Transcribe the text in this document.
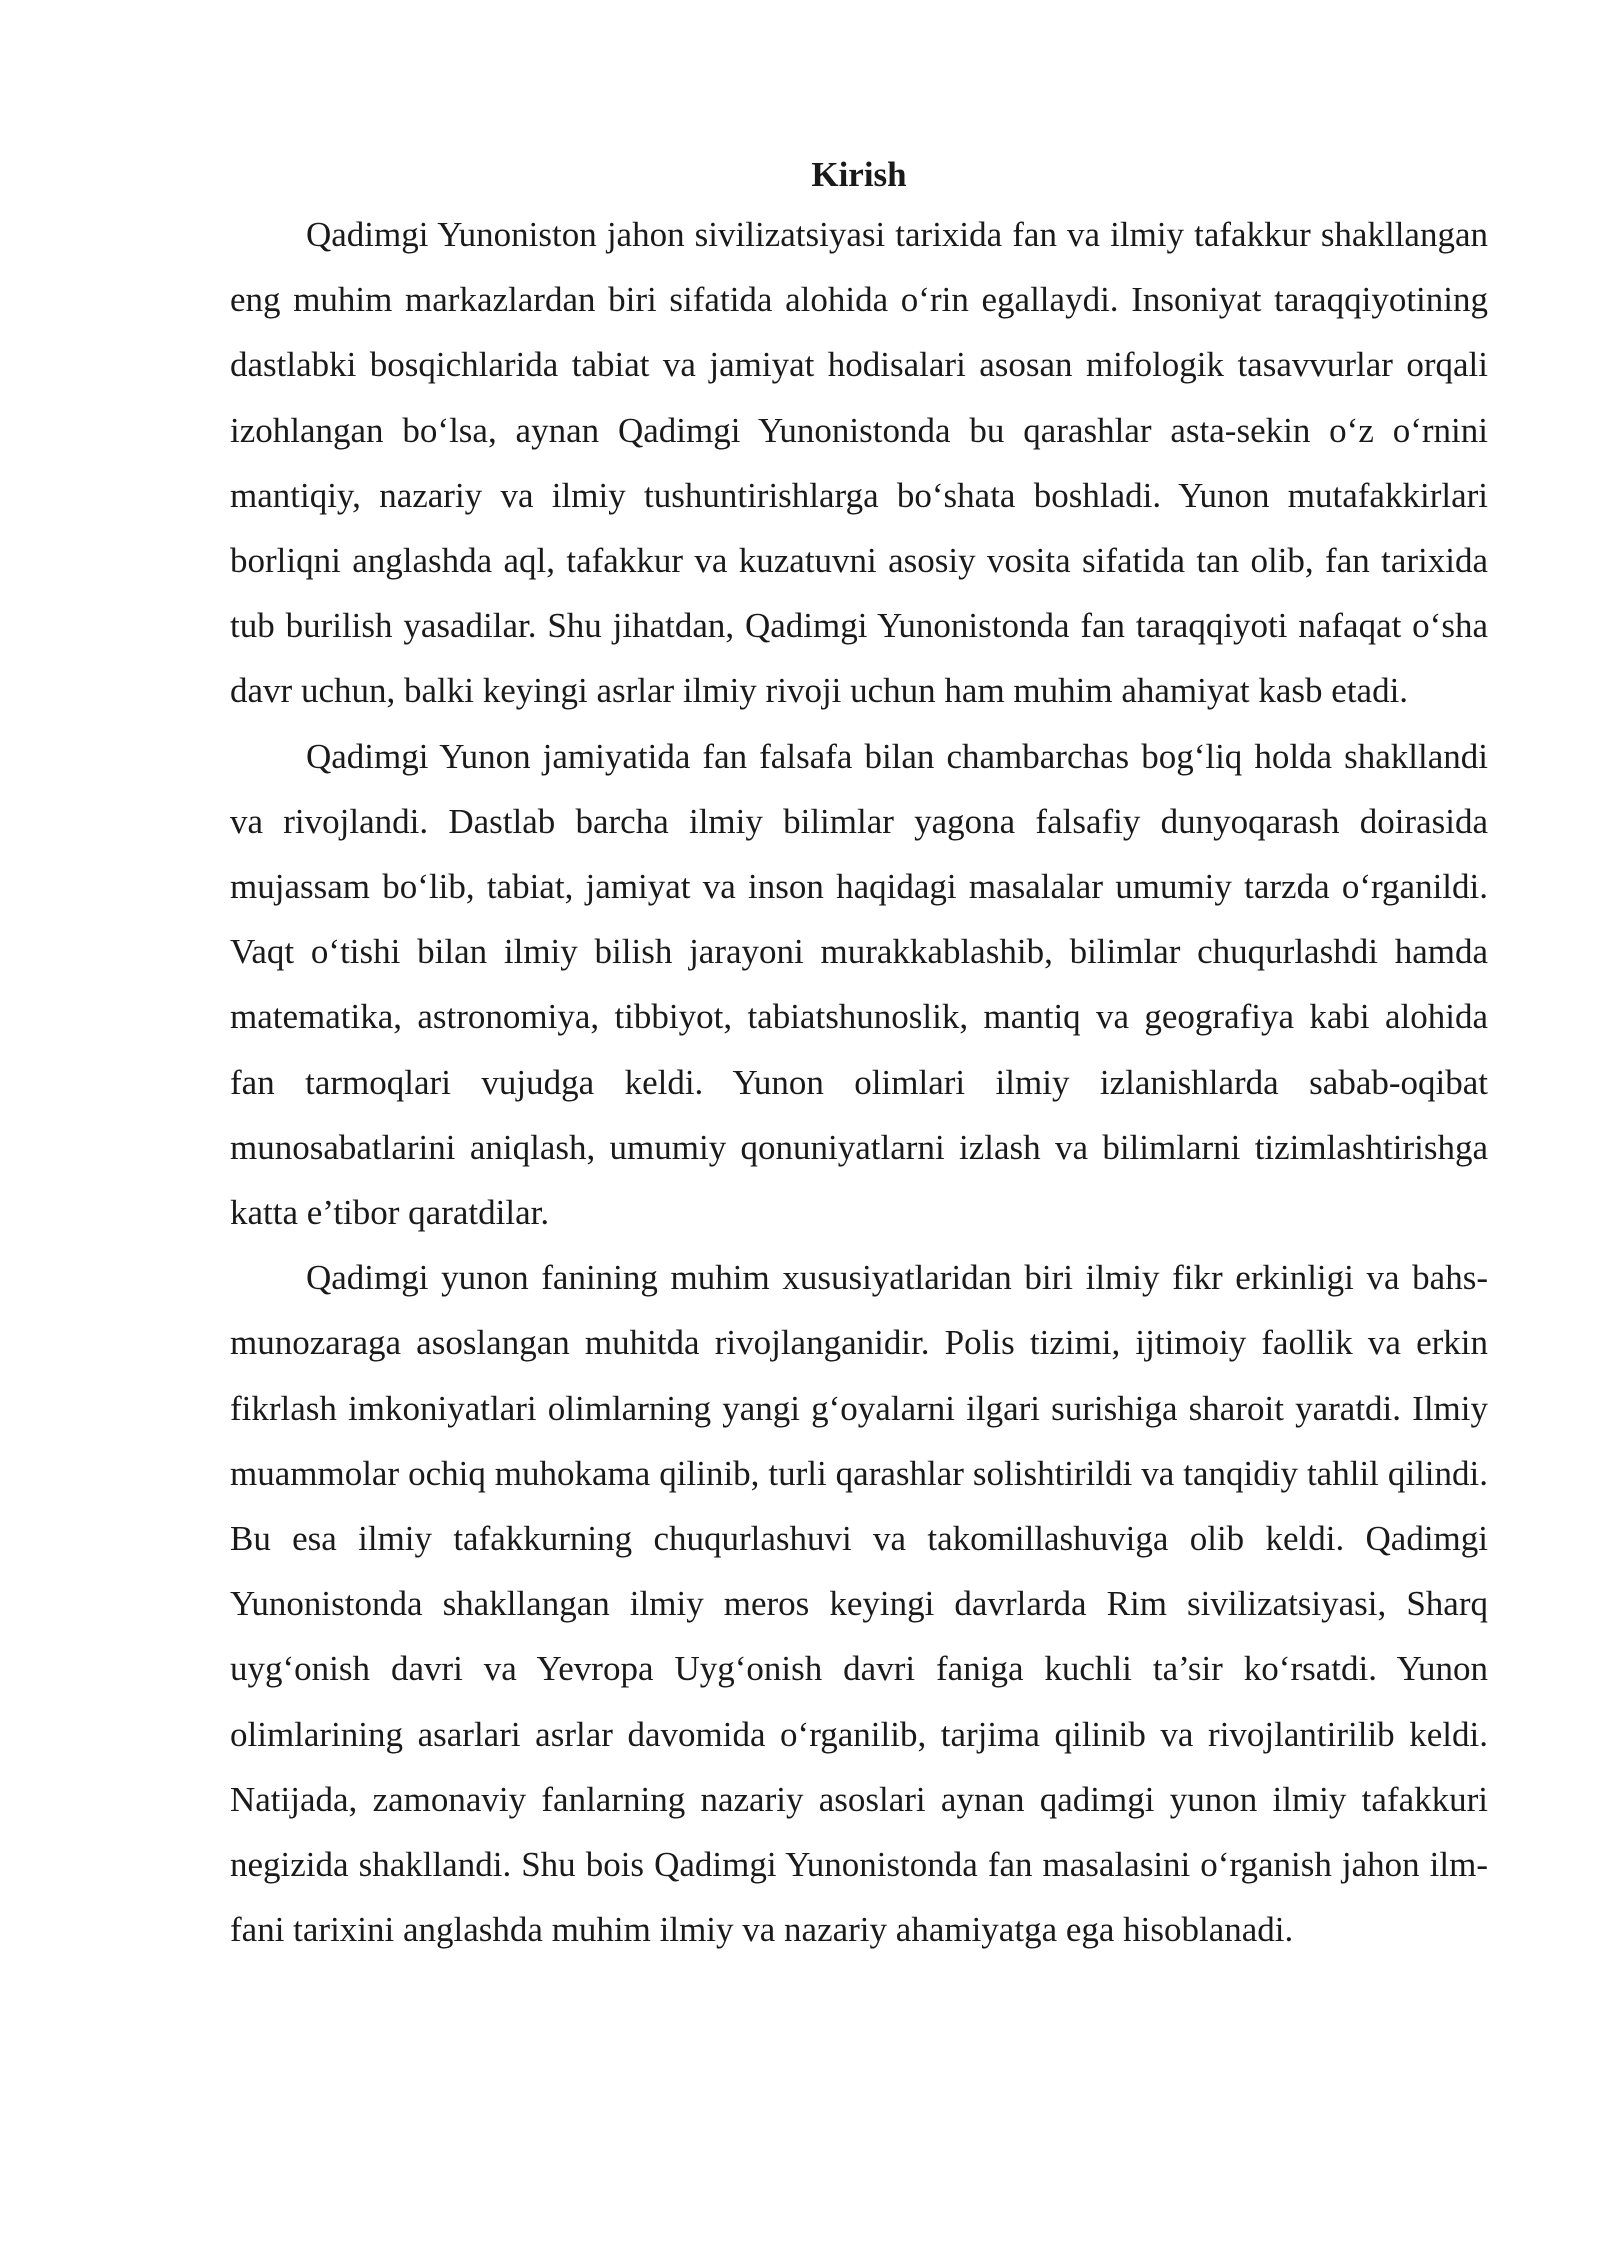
Kirish

Qadimgi Yunoniston jahon sivilizatsiyasi tarixida fan va ilmiy tafakkur shakllangan eng muhim markazlardan biri sifatida alohida o‘rin egallaydi. Insoniyat taraqqiyotining dastlabki bosqichlarida tabiat va jamiyat hodisalari asosan mifologik tasavvurlar orqali izohlangan bo‘lsa, aynan Qadimgi Yunonistonda bu qarashlar asta-sekin o‘z o‘rnini mantiqiy, nazariy va ilmiy tushuntirishlarga bo‘shata boshladi. Yunon mutafakkirlari borliqni anglashda aql, tafakkur va kuzatuvni asosiy vosita sifatida tan olib, fan tarixida tub burilish yasadilar. Shu jihatdan, Qadimgi Yunonistonda fan taraqqiyoti nafaqat o‘sha davr uchun, balki keyingi asrlar ilmiy rivoji uchun ham muhim ahamiyat kasb etadi.

Qadimgi Yunon jamiyatida fan falsafa bilan chambarchas bog‘liq holda shakllandi va rivojlandi. Dastlab barcha ilmiy bilimlar yagona falsafiy dunyoqarash doirasida mujassam bo‘lib, tabiat, jamiyat va inson haqidagi masalalar umumiy tarzda o‘rganildi. Vaqt o‘tishi bilan ilmiy bilish jarayoni murakkablashib, bilimlar chuqurlashdi hamda matematika, astronomiya, tibbiyot, tabiatshunoslik, mantiq va geografiya kabi alohida fan tarmoqlari vujudga keldi. Yunon olimlari ilmiy izlanishlarda sabab-oqibat munosabatlarini aniqlash, umumiy qonuniyatlarni izlash va bilimlarni tizimlashtirishga katta e’tibor qaratdilar.

Qadimgi yunon fanining muhim xususiyatlaridan biri ilmiy fikr erkinligi va bahs-munozaraga asoslangan muhitda rivojlanganidir. Polis tizimi, ijtimoiy faollik va erkin fikrlash imkoniyatlari olimlarning yangi g‘oyalarni ilgari surishiga sharoit yaratdi. Ilmiy muammolar ochiq muhokama qilinib, turli qarashlar solishtirildi va tanqidiy tahlil qilindi. Bu esa ilmiy tafakkurning chuqurlashuvi va takomillashuviga olib keldi. Qadimgi Yunonistonda shakllangan ilmiy meros keyingi davrlarda Rim sivilizatsiyasi, Sharq uyg‘onish davri va Yevropa Uyg‘onish davri faniga kuchli ta’sir ko‘rsatdi. Yunon olimlarining asarlari asrlar davomida o‘rganilib, tarjima qilinib va rivojlantirilib keldi. Natijada, zamonaviy fanlarning nazariy asoslari aynan qadimgi yunon ilmiy tafakkuri negizida shakllandi. Shu bois Qadimgi Yunonistonda fan masalasini o‘rganish jahon ilm-fani tarixini anglashda muhim ilmiy va nazariy ahamiyatga ega hisoblanadi.
